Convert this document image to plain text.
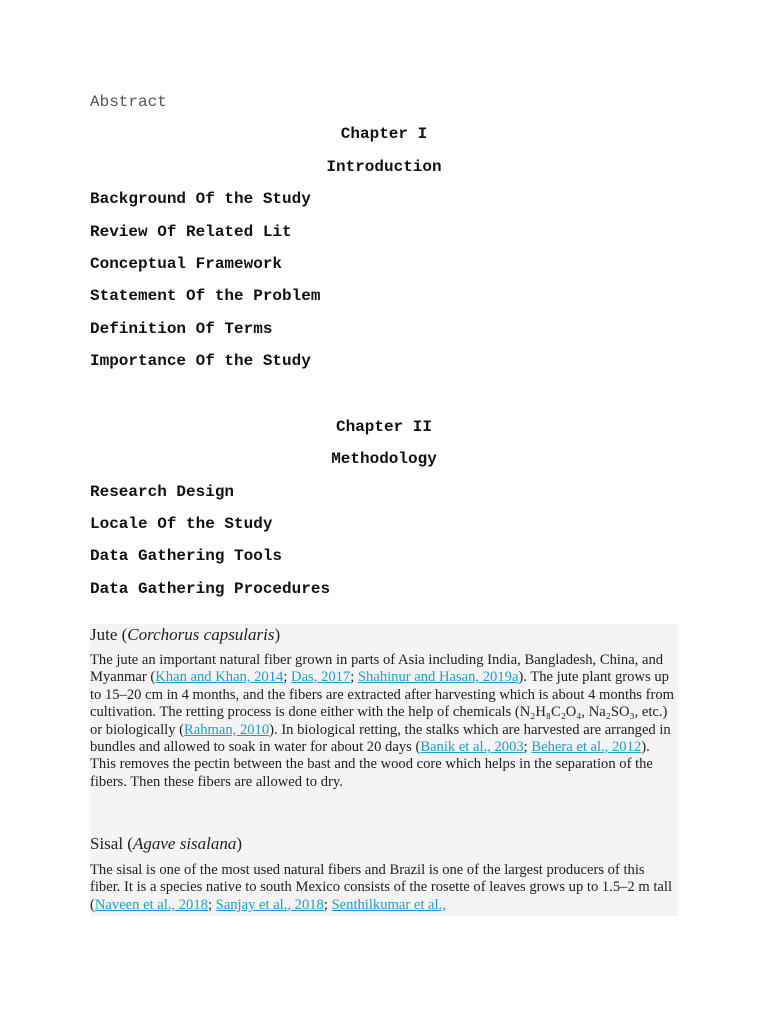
Abstract

Chapter I

Introduction

Background Of the Study

Review Of Related Lit

Conceptual Framework

Statement Of the Problem

Definition Of Terms

Importance Of the Study

Chapter II

Methodology

Research Design

Locale Of the Study

Data Gathering Tools

Data Gathering Procedures

Jute (Corchorus capsularis)

The jute an important natural fiber grown in parts of Asia including India, Bangladesh, China, and Myanmar (Khan and Khan, 2014; Das, 2017; Shahinur and Hasan, 2019a). The jute plant grows up to 15–20 cm in 4 months, and the fibers are extracted after harvesting which is about 4 months from cultivation. The retting process is done either with the help of chemicals (N₂H₈C₂O₄, Na₂SO₃, etc.) or biologically (Rahman, 2010). In biological retting, the stalks which are harvested are arranged in bundles and allowed to soak in water for about 20 days (Banik et al., 2003; Behera et al., 2012). This removes the pectin between the bast and the wood core which helps in the separation of the fibers. Then these fibers are allowed to dry.

Sisal (Agave sisalana)

The sisal is one of the most used natural fibers and Brazil is one of the largest producers of this fiber. It is a species native to south Mexico consists of the rosette of leaves grows up to 1.5–2 m tall (Naveen et al., 2018; Sanjay et al., 2018; Senthilkumar et al.,
